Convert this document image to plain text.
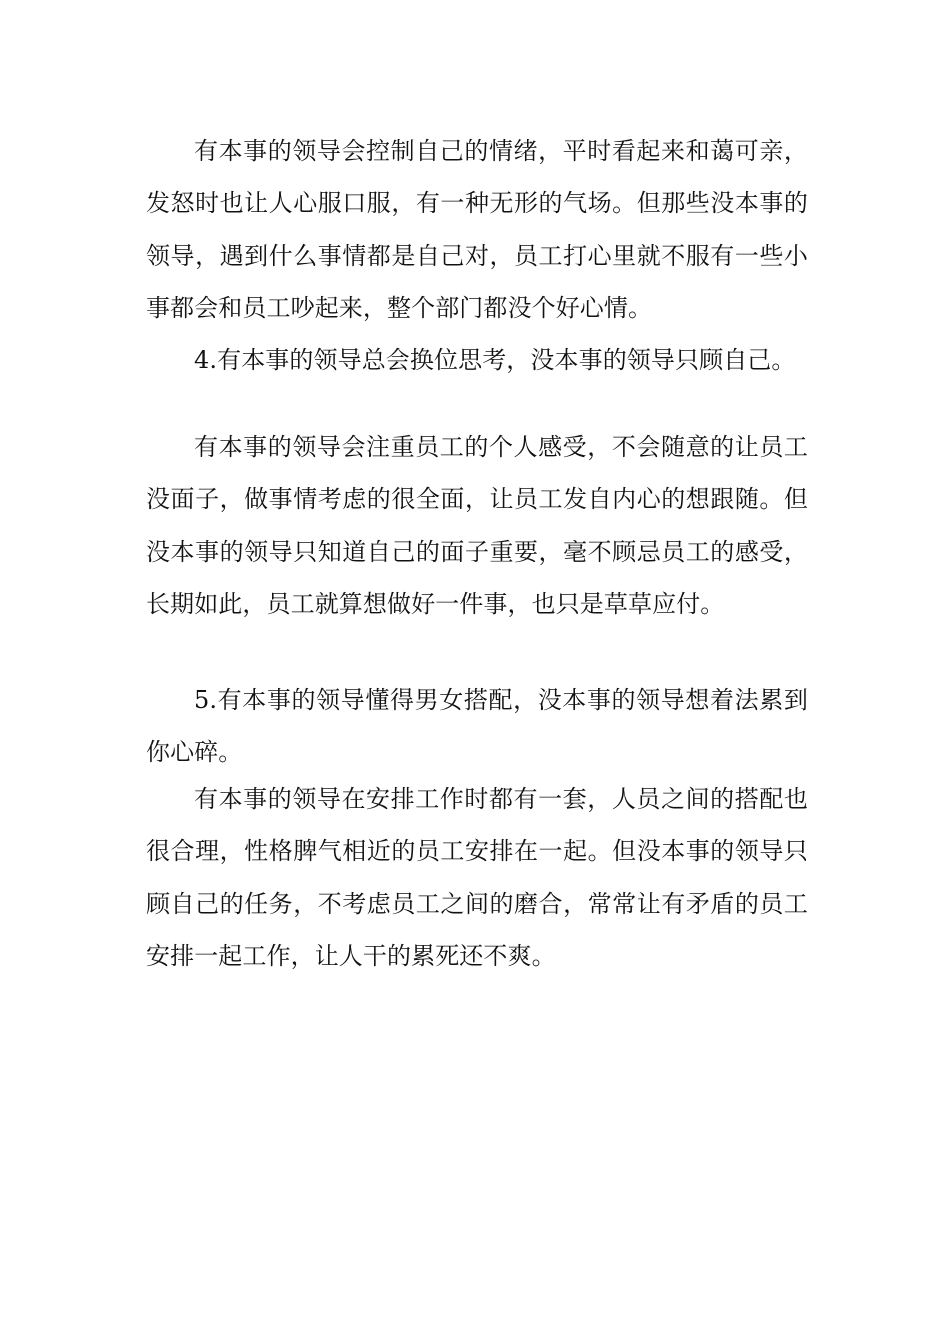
有本事的领导会控制自己的情绪，平时看起来和蔼可亲，发怒时也让人心服口服，有一种无形的气场。但那些没本事的领导，遇到什么事情都是自己对，员工打心里就不服有一些小事都会和员工吵起来，整个部门都没个好心情。

4.有本事的领导总会换位思考，没本事的领导只顾自己。

有本事的领导会注重员工的个人感受，不会随意的让员工没面子，做事情考虑的很全面，让员工发自内心的想跟随。但没本事的领导只知道自己的面子重要，毫不顾忌员工的感受，长期如此，员工就算想做好一件事，也只是草草应付。

5.有本事的领导懂得男女搭配，没本事的领导想着法累到你心碎。

有本事的领导在安排工作时都有一套，人员之间的搭配也很合理，性格脾气相近的员工安排在一起。但没本事的领导只顾自己的任务，不考虑员工之间的磨合，常常让有矛盾的员工安排一起工作，让人干的累死还不爽。
